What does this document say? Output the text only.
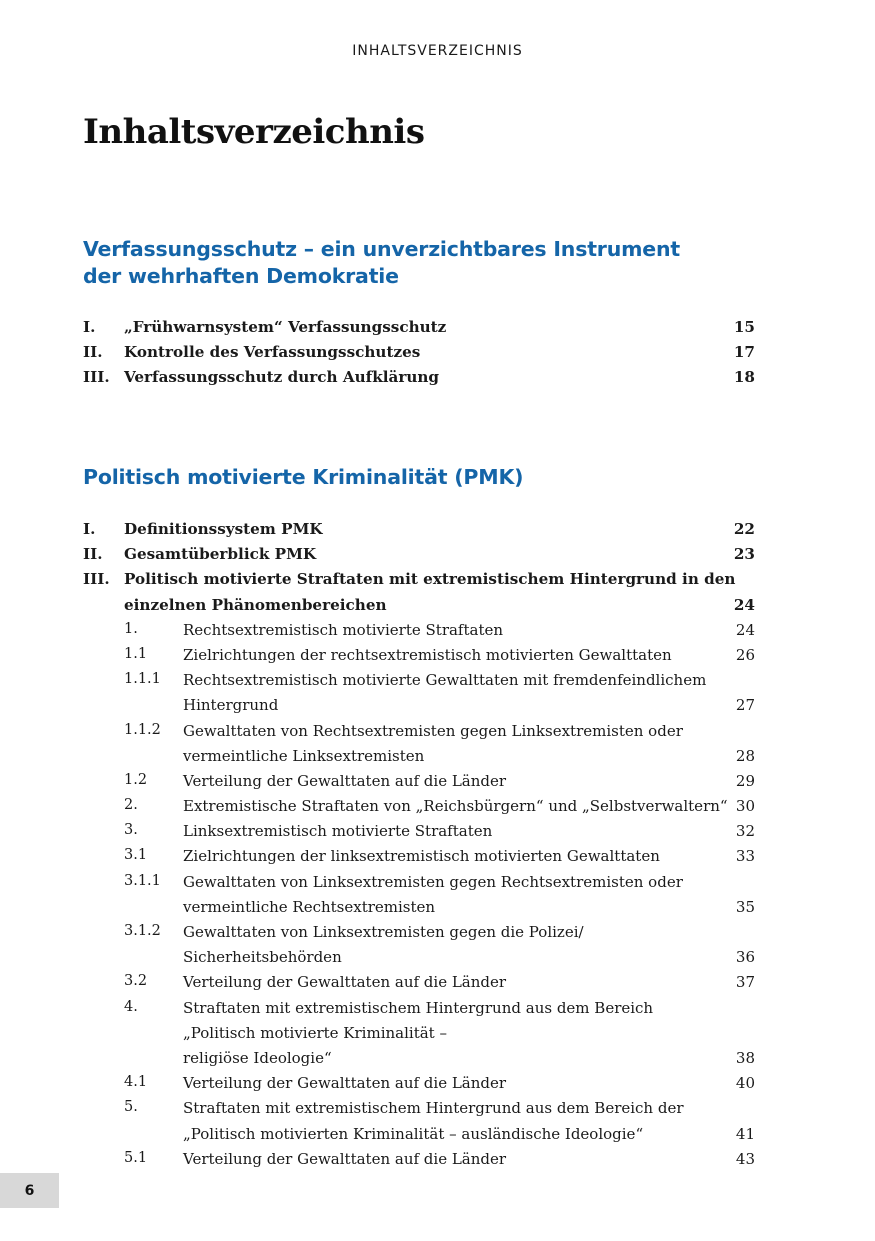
INHALTSVERZEICHNIS
Inhaltsverzeichnis
Verfassungsschutz – ein unverzichtbares Instrument
der wehrhaften Demokratie
I. „Frühwarnsystem“ Verfassungsschutz	15
II. Kontrolle des Verfassungsschutzes	17
III. Verfassungsschutz durch Aufklärung	18
Politisch motivierte Kriminalität (PMK)
I. Definitionssystem PMK	22
II. Gesamtüberblick PMK	23
III. Politisch motivierte Straftaten mit extremistischem Hintergrund in den
einzelnen Phänomenbereichen	24
1.	Rechtsextremistisch motivierte Straftaten	24
1.1 Zielrichtungen der rechtsextremistisch motivierten Gewalttaten	26
1.1.1 Rechtsextremistisch motivierte Gewalttaten mit fremdenfeindlichem
Hintergrund	27
1.1.2 Gewalttaten von Rechtsextremisten gegen Linksextremisten oder
vermeintliche Linksextremisten	28
1.2 Verteilung der Gewalttaten auf die Länder	29
2.	Extremistische Straftaten von „Reichsbürgern“ und „Selbstverwaltern“ 30
3.	Linksextremistisch motivierte Straftaten	32
3.1 Zielrichtungen der linksextremistisch motivierten Gewalttaten	33
3.1.1 Gewalttaten von Linksextremisten gegen Rechtsextremisten oder
vermeintliche Rechtsextremisten	35
3.1.2 Gewalttaten von Linksextremisten gegen die Polizei/
Sicherheitsbehörden	36
3.2 Verteilung der Gewalttaten auf die Länder	37
4.	Straftaten mit extremistischem Hintergrund aus dem Bereich
„Politisch motivierte Kriminalität –
religiöse Ideologie“	38
4.1 Verteilung der Gewalttaten auf die Länder	40
5.	Straftaten mit extremistischem Hintergrund aus dem Bereich der
„Politisch motivierten Kriminalität – ausländische Ideologie“	41
5.1 Verteilung der Gewalttaten auf die Länder	43
6
